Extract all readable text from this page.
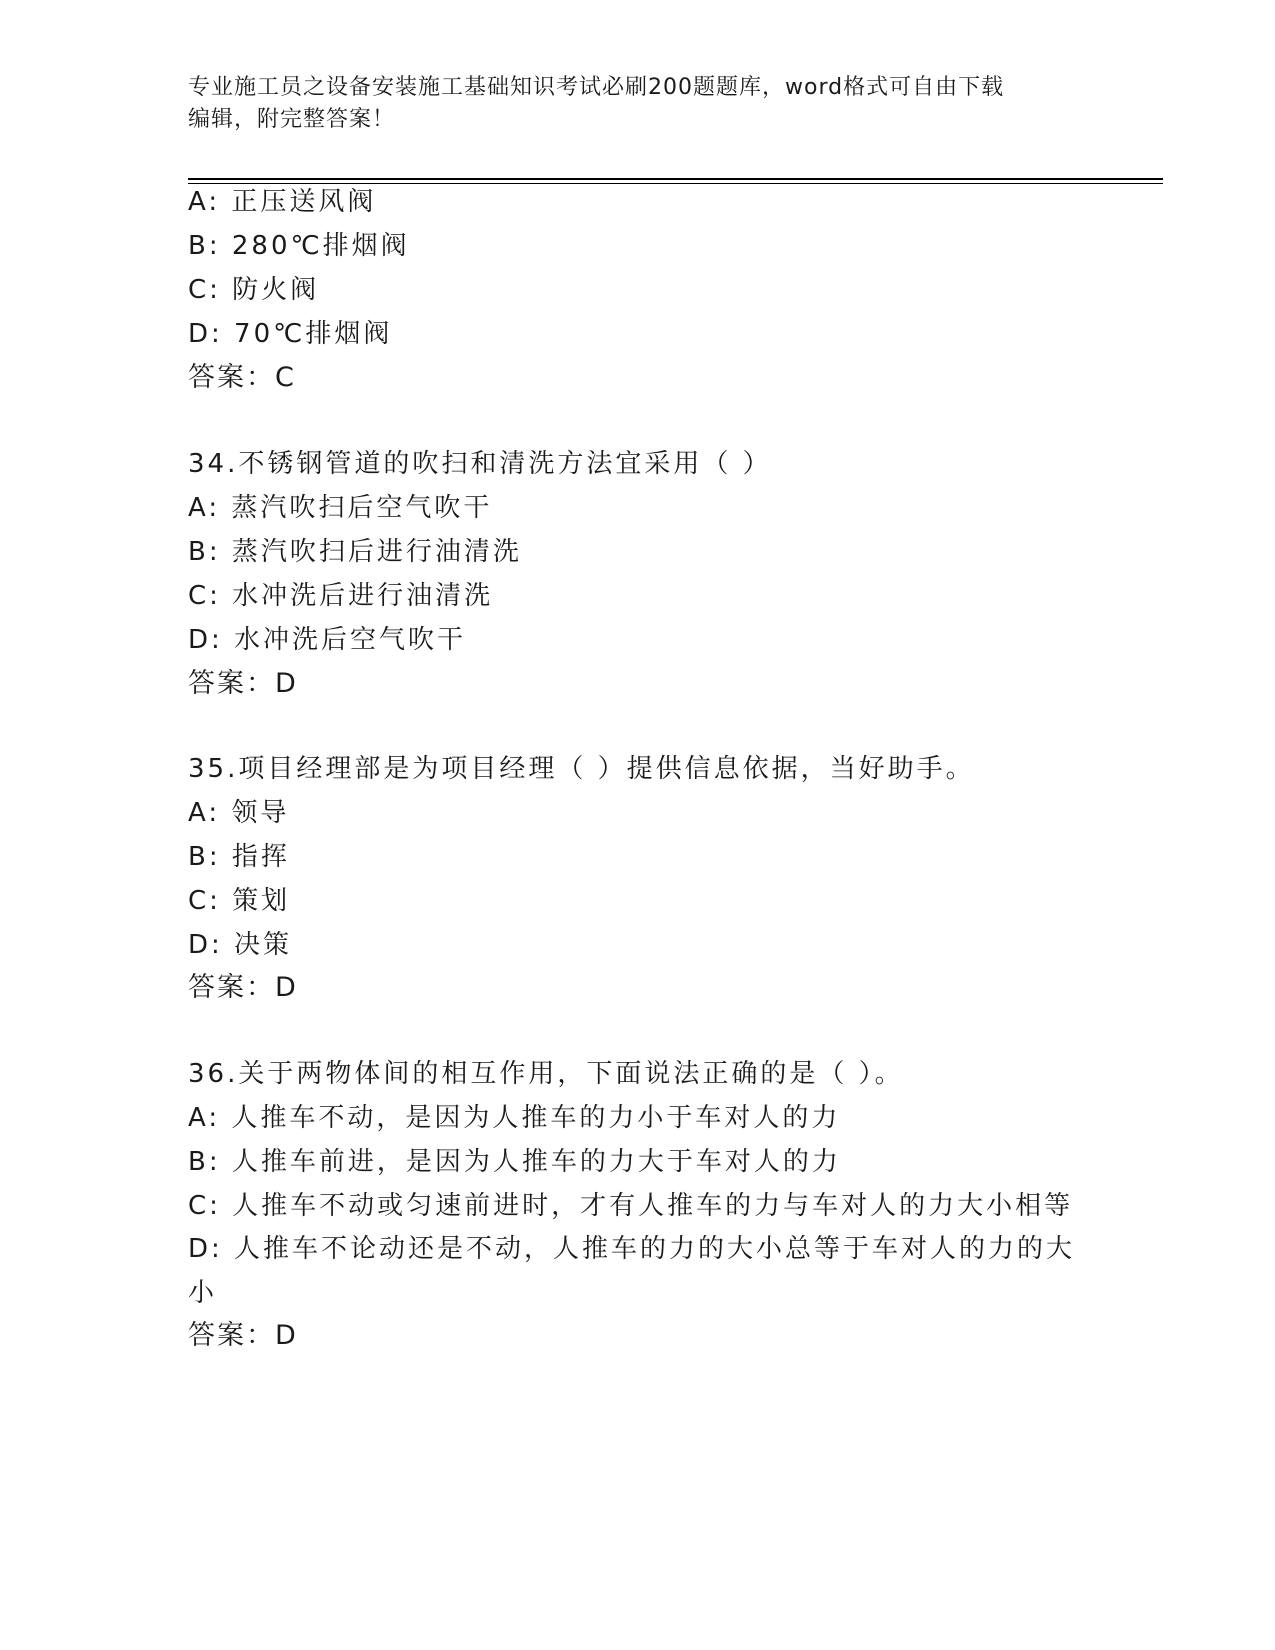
专业施工员之设备安装施工基础知识考试必刷200题题库，word格式可自由下载
编辑，附完整答案！
A: 正压送风阀
B: 280℃排烟阀
C: 防火阀
D: 70℃排烟阀
答案：C
34.不锈钢管道的吹扫和清洗方法宜采用（ ）
A: 蒸汽吹扫后空气吹干
B: 蒸汽吹扫后进行油清洗
C: 水冲洗后进行油清洗
D: 水冲洗后空气吹干
答案：D
35.项目经理部是为项目经理（ ）提供信息依据，当好助手。
A: 领导
B: 指挥
C: 策划
D: 决策
答案：D
36.关于两物体间的相互作用，下面说法正确的是（ ）。
A: 人推车不动，是因为人推车的力小于车对人的力
B: 人推车前进，是因为人推车的力大于车对人的力
C: 人推车不动或匀速前进时，才有人推车的力与车对人的力大小相等
D: 人推车不论动还是不动，人推车的力的大小总等于车对人的力的大
小
答案：D
